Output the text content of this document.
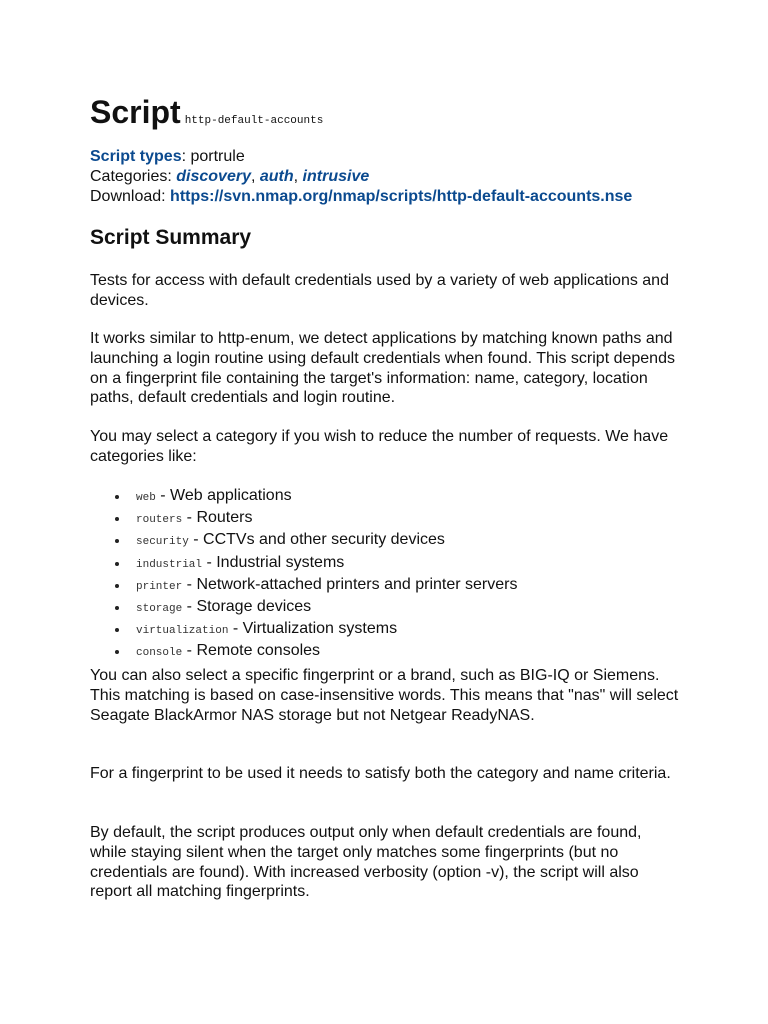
Script http-default-accounts
Script types: portrule
Categories: discovery, auth, intrusive
Download: https://svn.nmap.org/nmap/scripts/http-default-accounts.nse
Script Summary

Tests for access with default credentials used by a variety of web applications and devices.

It works similar to http-enum, we detect applications by matching known paths and launching a login routine using default credentials when found. This script depends on a fingerprint file containing the target's information: name, category, location paths, default credentials and login routine.

You may select a category if you wish to reduce the number of requests. We have categories like:

web - Web applications
routers - Routers
security - CCTVs and other security devices
industrial - Industrial systems
printer - Network-attached printers and printer servers
storage - Storage devices
virtualization - Virtualization systems
console - Remote consoles

You can also select a specific fingerprint or a brand, such as BIG-IQ or Siemens. This matching is based on case-insensitive words. This means that "nas" will select Seagate BlackArmor NAS storage but not Netgear ReadyNAS.

For a fingerprint to be used it needs to satisfy both the category and name criteria.

By default, the script produces output only when default credentials are found, while staying silent when the target only matches some fingerprints (but no credentials are found). With increased verbosity (option -v), the script will also report all matching fingerprints.
